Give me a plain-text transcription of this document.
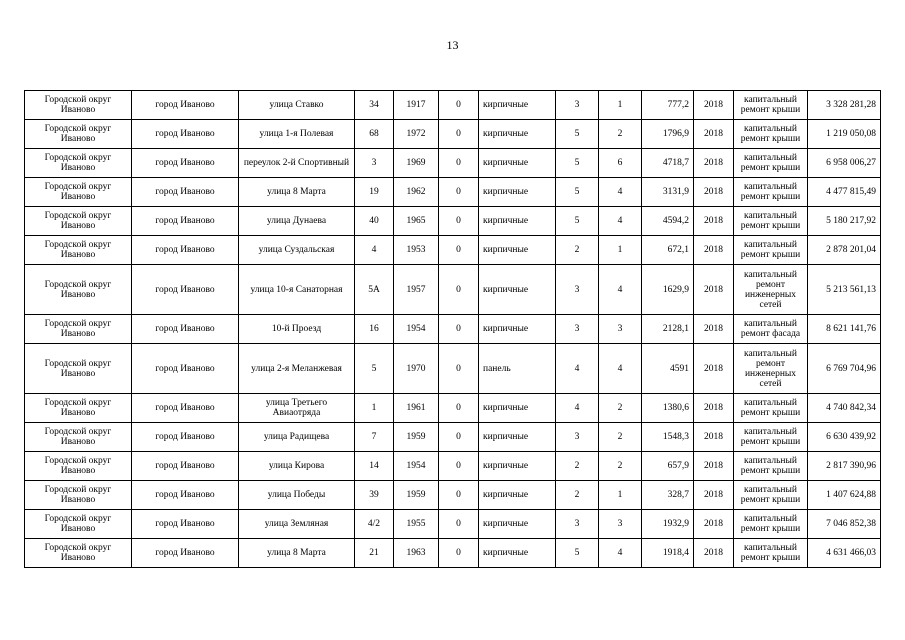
13
Городской округ Иваново	город Иваново	улица Ставко	34	1917	0	кирпичные	3	1	777,2	2018	капитальный ремонт крыши	3 328 281,28
Городской округ Иваново	город Иваново	улица 1-я Полевая	68	1972	0	кирпичные	5	2	1796,9	2018	капитальный ремонт крыши	1 219 050,08
Городской округ Иваново	город Иваново	переулок 2-й Спортивный	3	1969	0	кирпичные	5	6	4718,7	2018	капитальный ремонт крыши	6 958 006,27
Городской округ Иваново	город Иваново	улица 8 Марта	19	1962	0	кирпичные	5	4	3131,9	2018	капитальный ремонт крыши	4 477 815,49
Городской округ Иваново	город Иваново	улица Дунаева	40	1965	0	кирпичные	5	4	4594,2	2018	капитальный ремонт крыши	5 180 217,92
Городской округ Иваново	город Иваново	улица Суздальская	4	1953	0	кирпичные	2	1	672,1	2018	капитальный ремонт крыши	2 878 201,04
Городской округ Иваново	город Иваново	улица 10-я Санаторная	5А	1957	0	кирпичные	3	4	1629,9	2018	капитальный ремонт инженерных сетей	5 213 561,13
Городской округ Иваново	город Иваново	10-й Проезд	16	1954	0	кирпичные	3	3	2128,1	2018	капитальный ремонт фасада	8 621 141,76
Городской округ Иваново	город Иваново	улица 2-я Меланжевая	5	1970	0	панель	4	4	4591	2018	капитальный ремонт инженерных сетей	6 769 704,96
Городской округ Иваново	город Иваново	улица Третьего Авиаотряда	1	1961	0	кирпичные	4	2	1380,6	2018	капитальный ремонт крыши	4 740 842,34
Городской округ Иваново	город Иваново	улица Радищева	7	1959	0	кирпичные	3	2	1548,3	2018	капитальный ремонт крыши	6 630 439,92
Городской округ Иваново	город Иваново	улица Кирова	14	1954	0	кирпичные	2	2	657,9	2018	капитальный ремонт крыши	2 817 390,96
Городской округ Иваново	город Иваново	улица Победы	39	1959	0	кирпичные	2	1	328,7	2018	капитальный ремонт крыши	1 407 624,88
Городской округ Иваново	город Иваново	улица Земляная	4/2	1955	0	кирпичные	3	3	1932,9	2018	капитальный ремонт крыши	7 046 852,38
Городской округ Иваново	город Иваново	улица 8 Марта	21	1963	0	кирпичные	5	4	1918,4	2018	капитальный ремонт крыши	4 631 466,03
